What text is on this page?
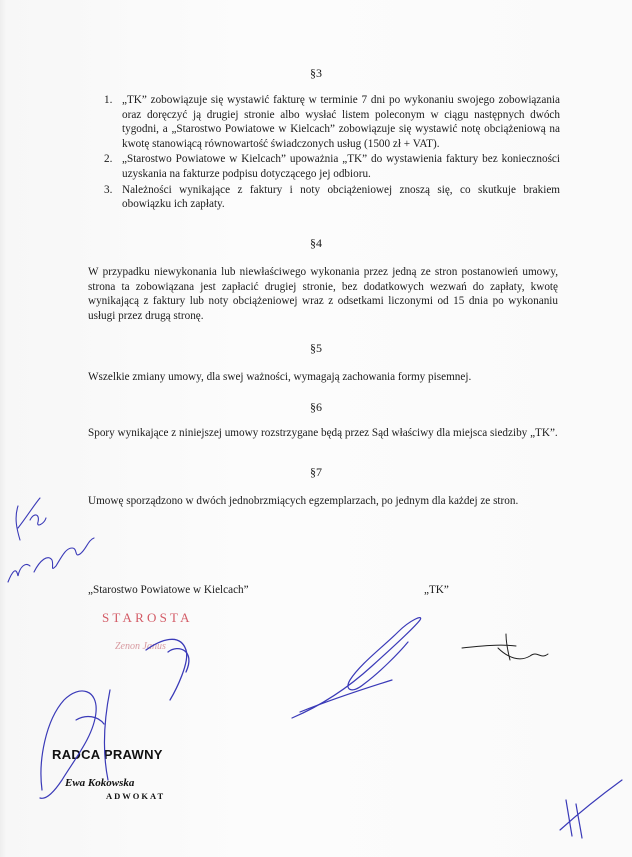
§3
1. „TK” zobowiązuje się wystawić fakturę w terminie 7 dni po wykonaniu swojego zobowiązania oraz doręczyć ją drugiej stronie albo wysłać listem poleconym w ciągu następnych dwóch tygodni, a „Starostwo Powiatowe w Kielcach” zobowiązuje się wystawić notę obciążeniową na kwotę stanowiącą równowartość świadczonych usług (1500 zł + VAT).
2. „Starostwo Powiatowe w Kielcach” upoważnia „TK” do wystawienia faktury bez konieczności uzyskania na fakturze podpisu dotyczącego jej odbioru.
3. Należności wynikające z faktury i noty obciążeniowej znoszą się, co skutkuje brakiem obowiązku ich zapłaty.
§4
W przypadku niewykonania lub niewłaściwego wykonania przez jedną ze stron postanowień umowy, strona ta zobowiązana jest zapłacić drugiej stronie, bez dodatkowych wezwań do zapłaty, kwotę wynikającą z faktury lub noty obciążeniowej wraz z odsetkami liczonymi od 15 dnia po wykonaniu usługi przez drugą stronę.
§5
Wszelkie zmiany umowy, dla swej ważności, wymagają zachowania formy pisemnej.
§6
Spory wynikające z niniejszej umowy rozstrzygane będą przez Sąd właściwy dla miejsca siedziby „TK”.
§7
Umowę sporządzono w dwóch jednobrzmiących egzemplarzach, po jednym dla każdej ze stron.
„Starostwo Powiatowe w Kielcach”	„TK”
STAROSTA
Zenon Janus
RADCA PRAWNY
Ewa Kokowska
ADWOKAT
